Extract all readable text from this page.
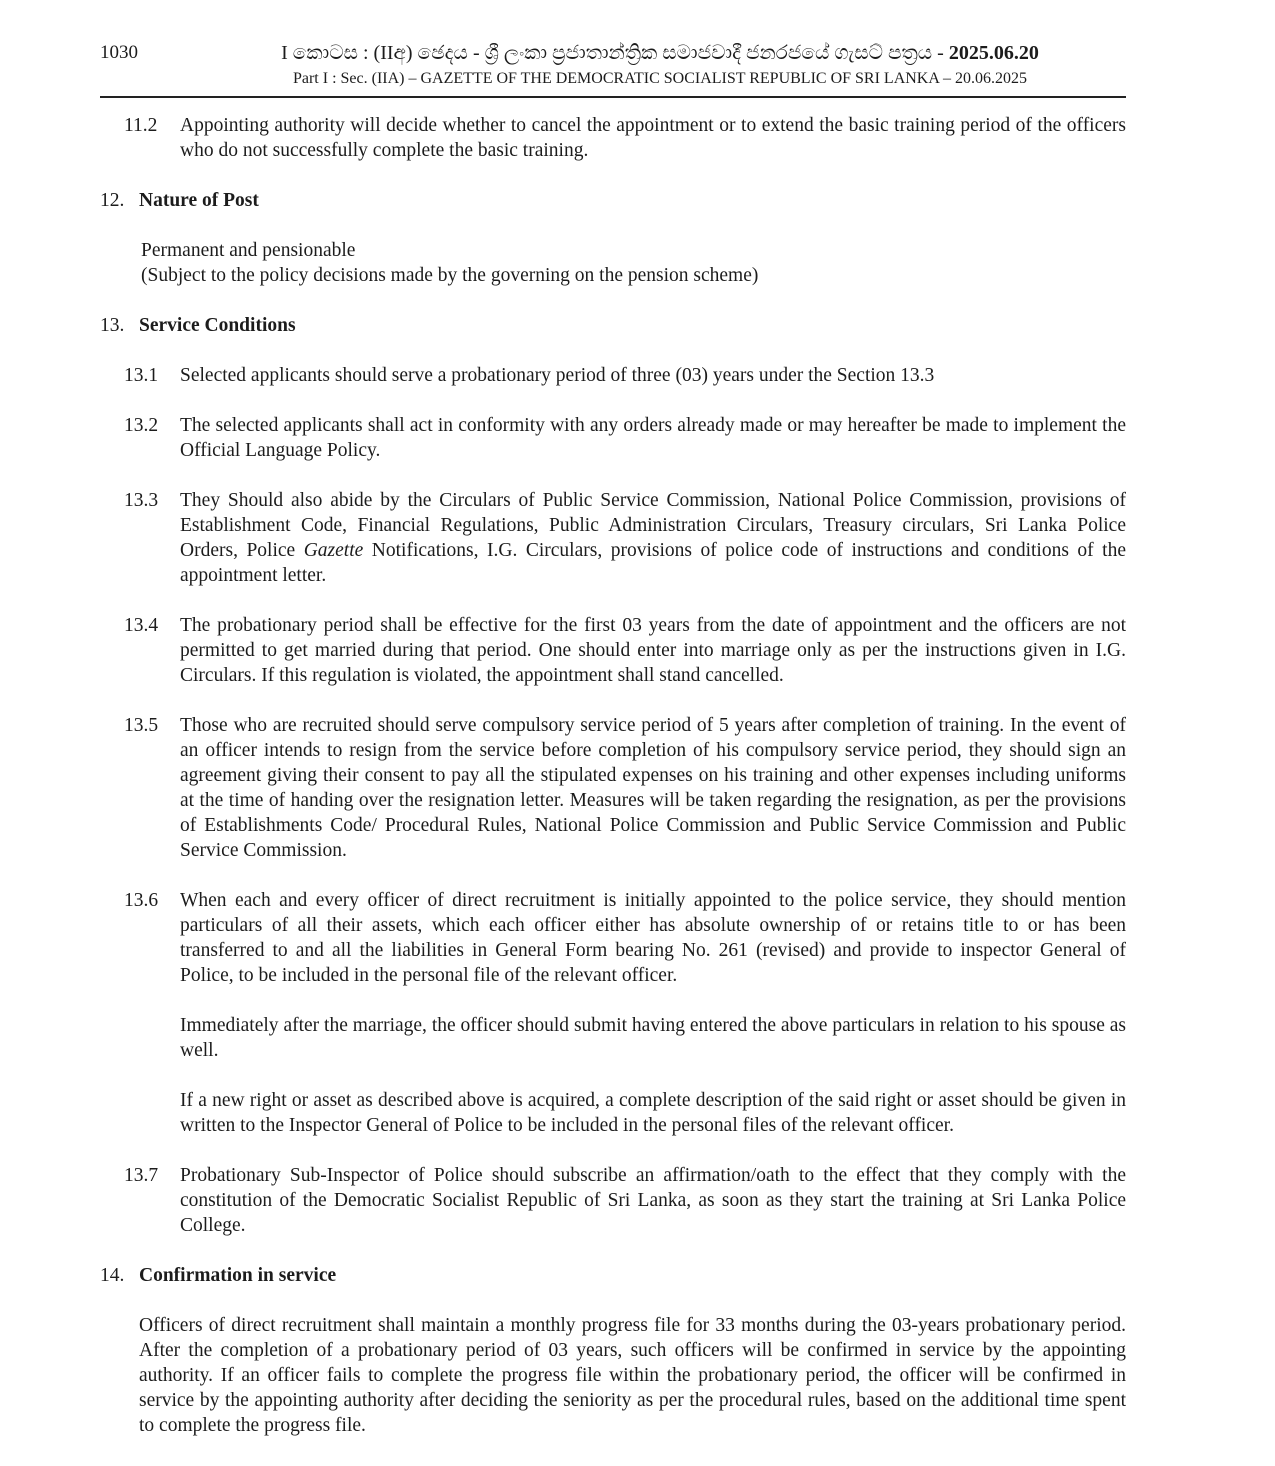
1030	I කොටස : (IIඅ) ඡෙදය - ශ්‍රී ලංකා ප්‍රජාතාන්ත්‍රික සමාජවාදී ජනරජයේ ගැසට් පත්‍රය - 2025.06.20
Part I : Sec. (IIA) – GAZETTE OF THE DEMOCRATIC SOCIALIST REPUBLIC OF SRI LANKA – 20.06.2025
11.2 Appointing authority will decide whether to cancel the appointment or to extend the basic training period of the officers who do not successfully complete the basic training.
12. Nature of Post
Permanent and pensionable
(Subject to the policy decisions made by the governing on the pension scheme)
13. Service Conditions
13.1 Selected applicants should serve a probationary period of three (03) years under the Section 13.3
13.2 The selected applicants shall act in conformity with any orders already made or may hereafter be made to implement the Official Language Policy.
13.3 They Should also abide by the Circulars of Public Service Commission, National Police Commission, provisions of Establishment Code, Financial Regulations, Public Administration Circulars, Treasury circulars, Sri Lanka Police Orders, Police Gazette Notifications, I.G. Circulars, provisions of police code of instructions and conditions of the appointment letter.
13.4 The probationary period shall be effective for the first 03 years from the date of appointment and the officers are not permitted to get married during that period. One should enter into marriage only as per the instructions given in I.G. Circulars. If this regulation is violated, the appointment shall stand cancelled.
13.5 Those who are recruited should serve compulsory service period of 5 years after completion of training. In the event of an officer intends to resign from the service before completion of his compulsory service period, they should sign an agreement giving their consent to pay all the stipulated expenses on his training and other expenses including uniforms at the time of handing over the resignation letter. Measures will be taken regarding the resignation, as per the provisions of Establishments Code/ Procedural Rules, National Police Commission and Public Service Commission and Public Service Commission.
13.6 When each and every officer of direct recruitment is initially appointed to the police service, they should mention particulars of all their assets, which each officer either has absolute ownership of or retains title to or has been transferred to and all the liabilities in General Form bearing No. 261 (revised) and provide to inspector General of Police, to be included in the personal file of the relevant officer.
Immediately after the marriage, the officer should submit having entered the above particulars in relation to his spouse as well.
If a new right or asset as described above is acquired, a complete description of the said right or asset should be given in written to the Inspector General of Police to be included in the personal files of the relevant officer.
13.7 Probationary Sub-Inspector of Police should subscribe an affirmation/oath to the effect that they comply with the constitution of the Democratic Socialist Republic of Sri Lanka, as soon as they start the training at Sri Lanka Police College.
14. Confirmation in service
Officers of direct recruitment shall maintain a monthly progress file for 33 months during the 03-years probationary period. After the completion of a probationary period of 03 years, such officers will be confirmed in service by the appointing authority. If an officer fails to complete the progress file within the probationary period, the officer will be confirmed in service by the appointing authority after deciding the seniority as per the procedural rules, based on the additional time spent to complete the progress file.
